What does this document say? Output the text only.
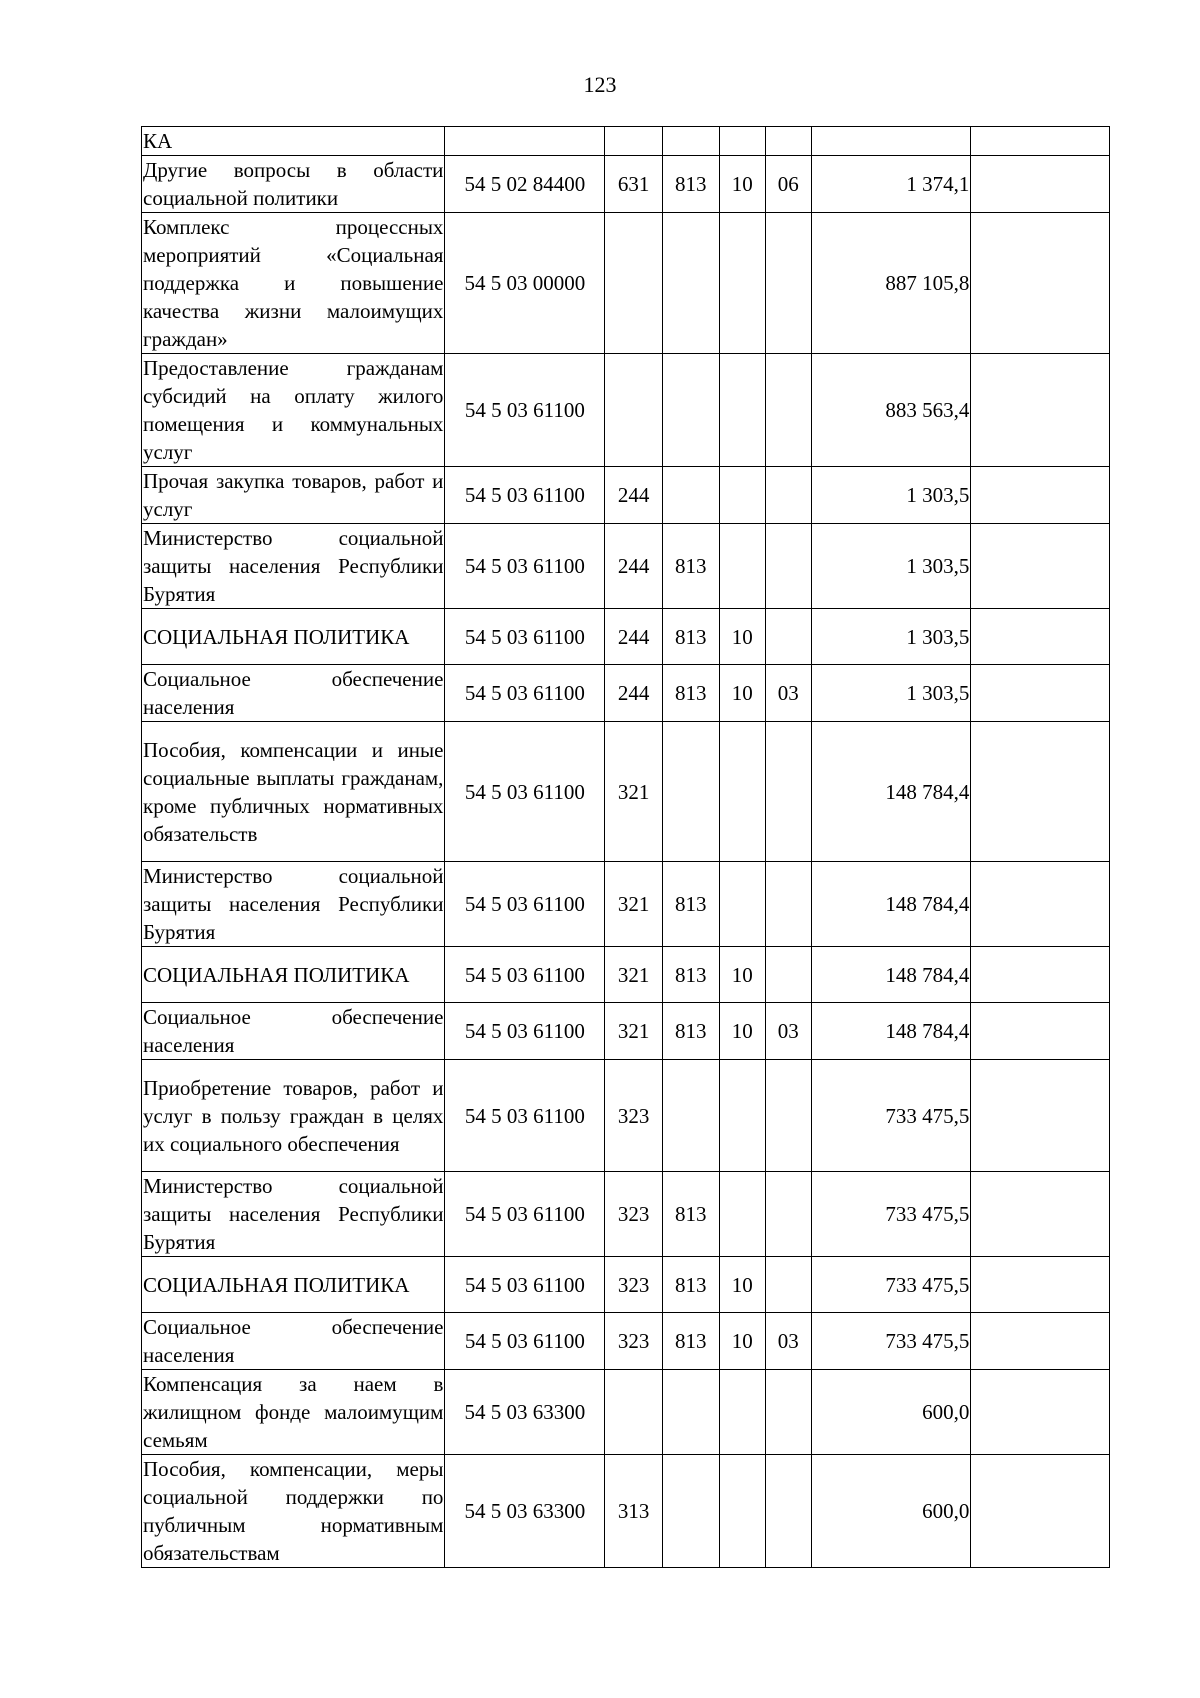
123
КА							
Другие вопросы в области социальной политики	54 5 02 84400	631	813	10	06	1 374,1	
Комплекс процессных мероприятий «Социальная поддержка и повышение качества жизни малоимущих граждан»	54 5 03 00000					887 105,8	
Предоставление гражданам субсидий на оплату жилого помещения и коммунальных услуг	54 5 03 61100					883 563,4	
Прочая закупка товаров, работ и услуг	54 5 03 61100	244				1 303,5	
Министерство социальной защиты населения Республики Бурятия	54 5 03 61100	244	813			1 303,5	
СОЦИАЛЬНАЯ ПОЛИТИКА	54 5 03 61100	244	813	10		1 303,5	
Социальное обеспечение населения	54 5 03 61100	244	813	10	03	1 303,5	
Пособия, компенсации и иные социальные выплаты гражданам, кроме публичных нормативных обязательств	54 5 03 61100	321				148 784,4	
Министерство социальной защиты населения Республики Бурятия	54 5 03 61100	321	813			148 784,4	
СОЦИАЛЬНАЯ ПОЛИТИКА	54 5 03 61100	321	813	10		148 784,4	
Социальное обеспечение населения	54 5 03 61100	321	813	10	03	148 784,4	
Приобретение товаров, работ и услуг в пользу граждан в целях их социального обеспечения	54 5 03 61100	323				733 475,5	
Министерство социальной защиты населения Республики Бурятия	54 5 03 61100	323	813			733 475,5	
СОЦИАЛЬНАЯ ПОЛИТИКА	54 5 03 61100	323	813	10		733 475,5	
Социальное обеспечение населения	54 5 03 61100	323	813	10	03	733 475,5	
Компенсация за наем в жилищном фонде малоимущим семьям	54 5 03 63300					600,0	
Пособия, компенсации, меры социальной поддержки по публичным нормативным обязательствам	54 5 03 63300	313				600,0	
